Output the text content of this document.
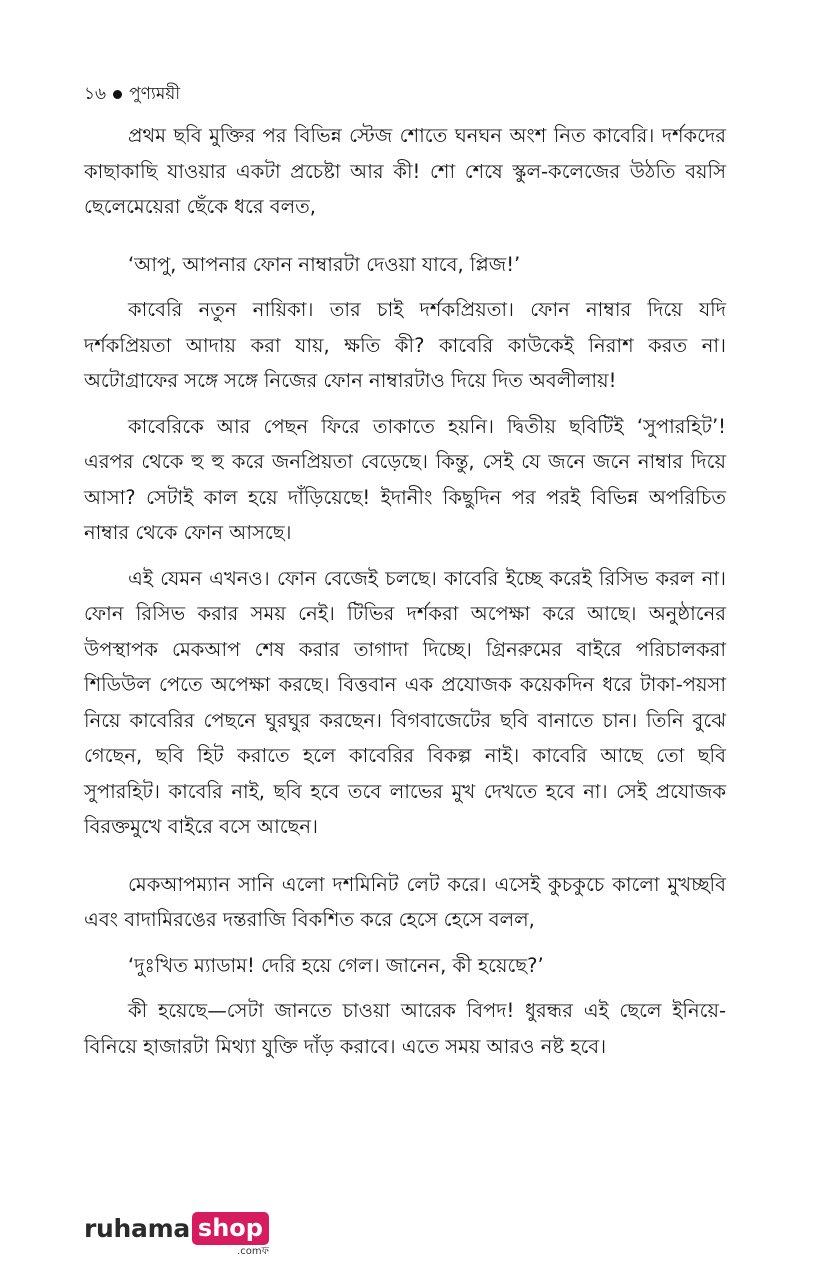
১৬ পুণ্যময়ী

প্রথম ছবি মুক্তির পর বিভিন্ন স্টেজ শোতে ঘনঘন অংশ নিত কাবেরি। দর্শকদের কাছাকাছি যাওয়ার একটা প্রচেষ্টা আর কী! শো শেষে স্কুল-কলেজের উঠতি বয়সি ছেলেমেয়েরা ছেঁকে ধরে বলত,

‘আপু, আপনার ফোন নাম্বারটা দেওয়া যাবে, প্লিজ!’

কাবেরি নতুন নায়িকা। তার চাই দর্শকপ্রিয়তা। ফোন নাম্বার দিয়ে যদি দর্শকপ্রিয়তা আদায় করা যায়, ক্ষতি কী? কাবেরি কাউকেই নিরাশ করত না। অটোগ্রাফের সঙ্গে সঙ্গে নিজের ফোন নাম্বারটাও দিয়ে দিত অবলীলায়!

কাবেরিকে আর পেছন ফিরে তাকাতে হয়নি। দ্বিতীয় ছবিটিই ‘সুপারহিট’! এরপর থেকে হু হু করে জনপ্রিয়তা বেড়েছে। কিন্তু, সেই যে জনে জনে নাম্বার দিয়ে আসা? সেটাই কাল হয়ে দাঁড়িয়েছে! ইদানীং কিছুদিন পর পরই বিভিন্ন অপরিচিত নাম্বার থেকে ফোন আসছে।

এই যেমন এখনও। ফোন বেজেই চলছে। কাবেরি ইচ্ছে করেই রিসিভ করল না। ফোন রিসিভ করার সময় নেই। টিভির দর্শকরা অপেক্ষা করে আছে। অনুষ্ঠানের উপস্থাপক মেকআপ শেষ করার তাগাদা দিচ্ছে। গ্রিনরুমের বাইরে পরিচালকরা শিডিউল পেতে অপেক্ষা করছে। বিত্তবান এক প্রযোজক কয়েকদিন ধরে টাকা-পয়সা নিয়ে কাবেরির পেছনে ঘুরঘুর করছেন। বিগবাজেটের ছবি বানাতে চান। তিনি বুঝে গেছেন, ছবি হিট করাতে হলে কাবেরির বিকল্প নাই। কাবেরি আছে তো ছবি সুপারহিট। কাবেরি নাই, ছবি হবে তবে লাভের মুখ দেখতে হবে না। সেই প্রযোজক বিরক্তমুখে বাইরে বসে আছেন।

মেকআপম্যান সানি এলো দশমিনিট লেট করে। এসেই কুচকুচে কালো মুখচ্ছবি এবং বাদামিরঙের দন্তরাজি বিকশিত করে হেসে হেসে বলল,

‘দুঃখিত ম্যাডাম! দেরি হয়ে গেল। জানেন, কী হয়েছে?’

কী হয়েছে—সেটা জানতে চাওয়া আরেক বিপদ! ধুরন্ধর এই ছেলে ইনিয়ে-বিনিয়ে হাজারটা মিথ্যা যুক্তি দাঁড় করাবে। এতে সময় আরও নষ্ট হবে।

ruhama shop
.comফ
